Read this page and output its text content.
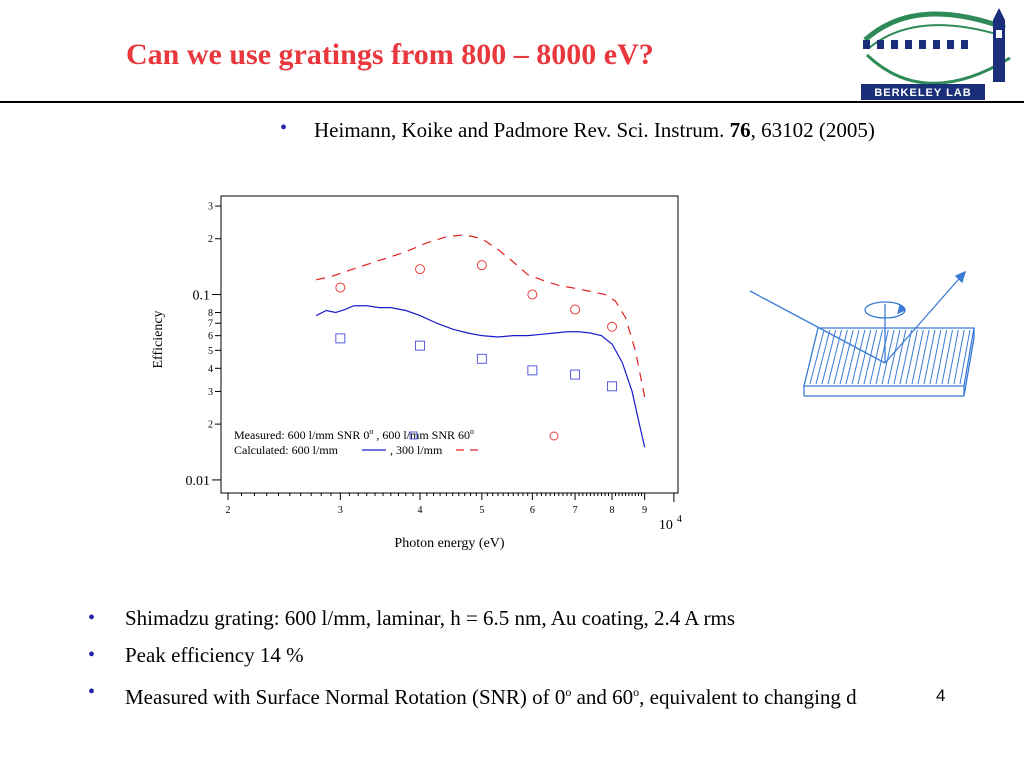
Can we use gratings from 800 – 8000 eV?
BERKELEY LAB
• Heimann, Koike and Padmore Rev. Sci. Instrum. 76, 63102 (2005)
0.01
2
3
4
5
6
7
8
0.1
2
3
2	3	4	5	6	7	8	9
10 4
Photon energy (eV)
Efficiency
Measured: 600 l/mm SNR 0$^o$ , 600 l/mm SNR 60$^o$
Calculated: 600 l/mm	, 300 l/mm
• Shimadzu grating: 600 l/mm, laminar, h = 6.5 nm, Au coating, 2.4 A rms
• Peak efficiency 14 %
• Measured with Surface Normal Rotation (SNR) of 0$^o$ and 60$^o$, equivalent to changing d	4
